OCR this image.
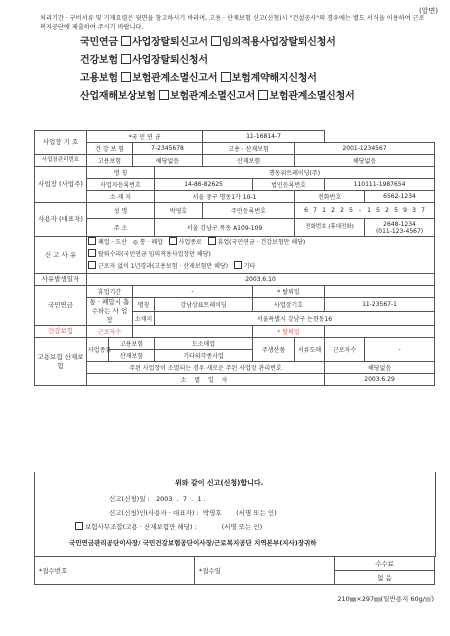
(앞면)
처리기간 · 구비서류 및 기재요령은 뒷면을 참고하시기 바라며, 고용 · 산재보험 신고(신청)시 "건설공사"의 경우에는 별도 서식을 이용하여 근로복지공단에 제출하여 주시기 바랍니다.
국민연금 사업장탈퇴신고서 임의적용사업장탈퇴신청서
건강보험 사업장탈퇴신청서
고용보험 보험관계소멸신고서 보험계약해지신청서
산업재해보상보험 보험관계소멸신고서 보험관계소멸신청서
사업장 기 호	*국 민 연 금				11-16814-7			
	건 강 보 험		7-2345678		고용 · 산재보험		2001-1234567		
사업장관리번호	고용보험		해당없음		산재보험		해당없음		
사업장 (사업주)	명 칭			행동위트레이딩(주)					
	사업자등록번호			14-86-82625		법인등록번호		110111-1987654	
	소 재 지			서울 중구 명동1가 10-1			전화번호		6562-1234
사용자 (대표자)	성 명			박영호	주민등록번호		6 7 1 2 2 5 - 1 5 2 5 9 3 7		
	주 소			서울 강남구 목동 A109-109			전화번호 (휴대전화)		2648-1234
(011-123-4567)

신 고 사 유	폐업 · 도산 ◎ 통 · 폐합 사업종료 휴업(국민연금 · 건강보험만 해당)
탈퇴수리(국민연금 임의적용사업장만 해당)
근로자 없이 1년경과(고용보험 · 산재보험만 해당) 기타								
사유발생일자	2003.6.10								
국민연금	휴업기간		-			* 탈퇴일			
	통 · 폐합시 흡수하는 사 업 장		명칭	강남상표트레이딩		사업장기호		11-23567-1	
			소재지	서울특별시 강남구 논현동16					
건강보험	근로자수					* 탈퇴일			
고용보험 산재보험	사업종류	고용보험		도소매업		주생산품	서류도매	근로자수	-
		산재보험		기타의각종사업					
	주된 사업장이 소멸되는 경우 새로운 주된 사업장 관리번호							해당없음	
	소 멸 일 자							2003.6.29	
위와 같이 신고(신청)합니다.
신고(신청)일 : 2003 . 7 . 1 .
신고(신청)인(사용자 · 대표자) : 박영호 (서명 또는 인)
보험사무조합(고용 · 산재보험만 해당) :	(서명 또는 인)
국민연금관리공단이사장/ 국민건강보험공단이사장/근로복지공단 지역본부(지사)장귀하
*접수번호	*접수일	수수료
없 음
210㎜×297㎜(일반용지 60g/㎡)
